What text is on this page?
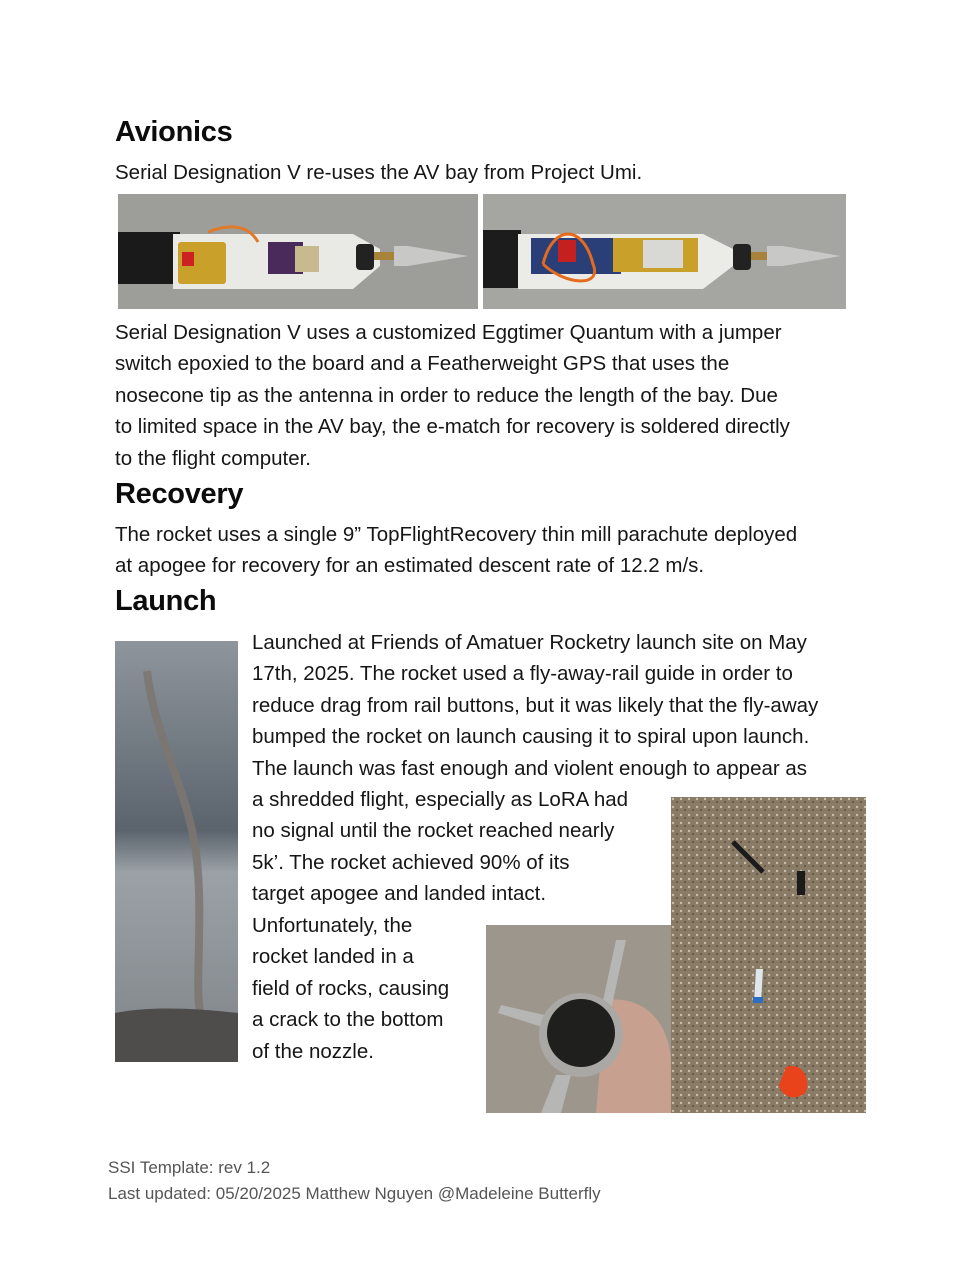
Avionics

Serial Designation V re-uses the AV bay from Project Umi.

Serial Designation V uses a customized Eggtimer Quantum with a jumper
switch epoxied to the board and a Featherweight GPS that uses the
nosecone tip as the antenna in order to reduce the length of the bay. Due
to limited space in the AV bay, the e-match for recovery is soldered directly
to the flight computer.

Recovery

The rocket uses a single 9” TopFlightRecovery thin mill parachute deployed
at apogee for recovery for an estimated descent rate of 12.2 m/s.

Launch

Launched at Friends of Amatuer Rocketry launch site on May
17th, 2025. The rocket used a fly-away-rail guide in order to
reduce drag from rail buttons, but it was likely that the fly-away
bumped the rocket on launch causing it to spiral upon launch.
The launch was fast enough and violent enough to appear as

a shredded flight, especially as LoRA had
no signal until the rocket reached nearly
5k’. The rocket achieved 90% of its
target apogee and landed intact.

Unfortunately, the
rocket landed in a
field of rocks, causing
a crack to the bottom
of the nozzle.

SSI Template: rev 1.2

Last updated: 05/20/2025 Matthew Nguyen @Madeleine Butterfly
